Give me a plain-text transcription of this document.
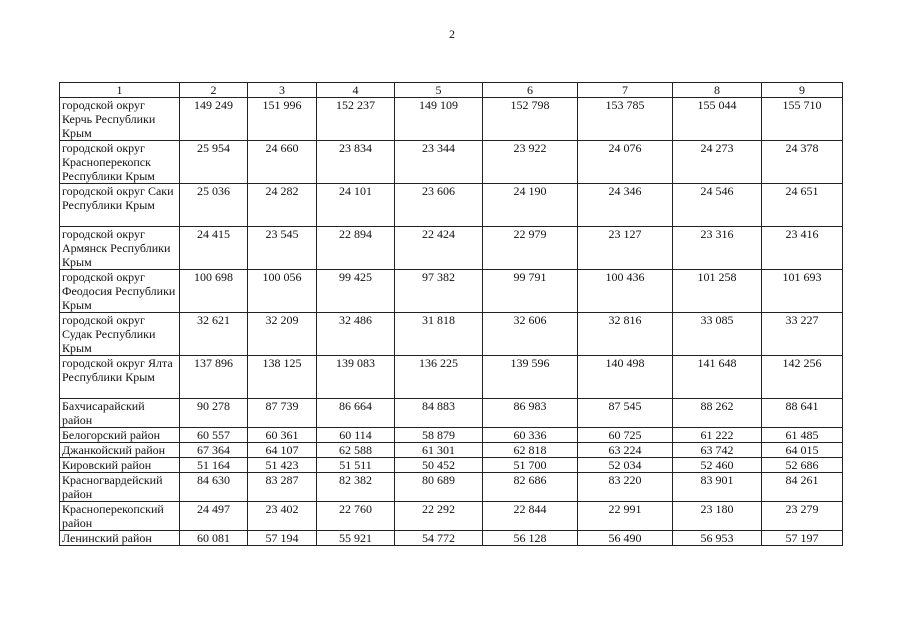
2
1	2	3	4	5	6	7	8	9
городской округ Керчь Республики Крым	149 249	151 996	152 237	149 109	152 798	153 785	155 044	155 710
городской округ Красноперекопск Республики Крым	25 954	24 660	23 834	23 344	23 922	24 076	24 273	24 378
городской округ Саки Республики Крым	25 036	24 282	24 101	23 606	24 190	24 346	24 546	24 651
городской округ Армянск Республики Крым	24 415	23 545	22 894	22 424	22 979	23 127	23 316	23 416
городской округ Феодосия Республики Крым	100 698	100 056	99 425	97 382	99 791	100 436	101 258	101 693
городской округ Судак Республики Крым	32 621	32 209	32 486	31 818	32 606	32 816	33 085	33 227
городской округ Ялта Республики Крым	137 896	138 125	139 083	136 225	139 596	140 498	141 648	142 256
Бахчисарайский район	90 278	87 739	86 664	84 883	86 983	87 545	88 262	88 641
Белогорский район	60 557	60 361	60 114	58 879	60 336	60 725	61 222	61 485
Джанкойский район	67 364	64 107	62 588	61 301	62 818	63 224	63 742	64 015
Кировский район	51 164	51 423	51 511	50 452	51 700	52 034	52 460	52 686
Красногвардейский район	84 630	83 287	82 382	80 689	82 686	83 220	83 901	84 261
Красноперекопский район	24 497	23 402	22 760	22 292	22 844	22 991	23 180	23 279
Ленинский район	60 081	57 194	55 921	54 772	56 128	56 490	56 953	57 197
